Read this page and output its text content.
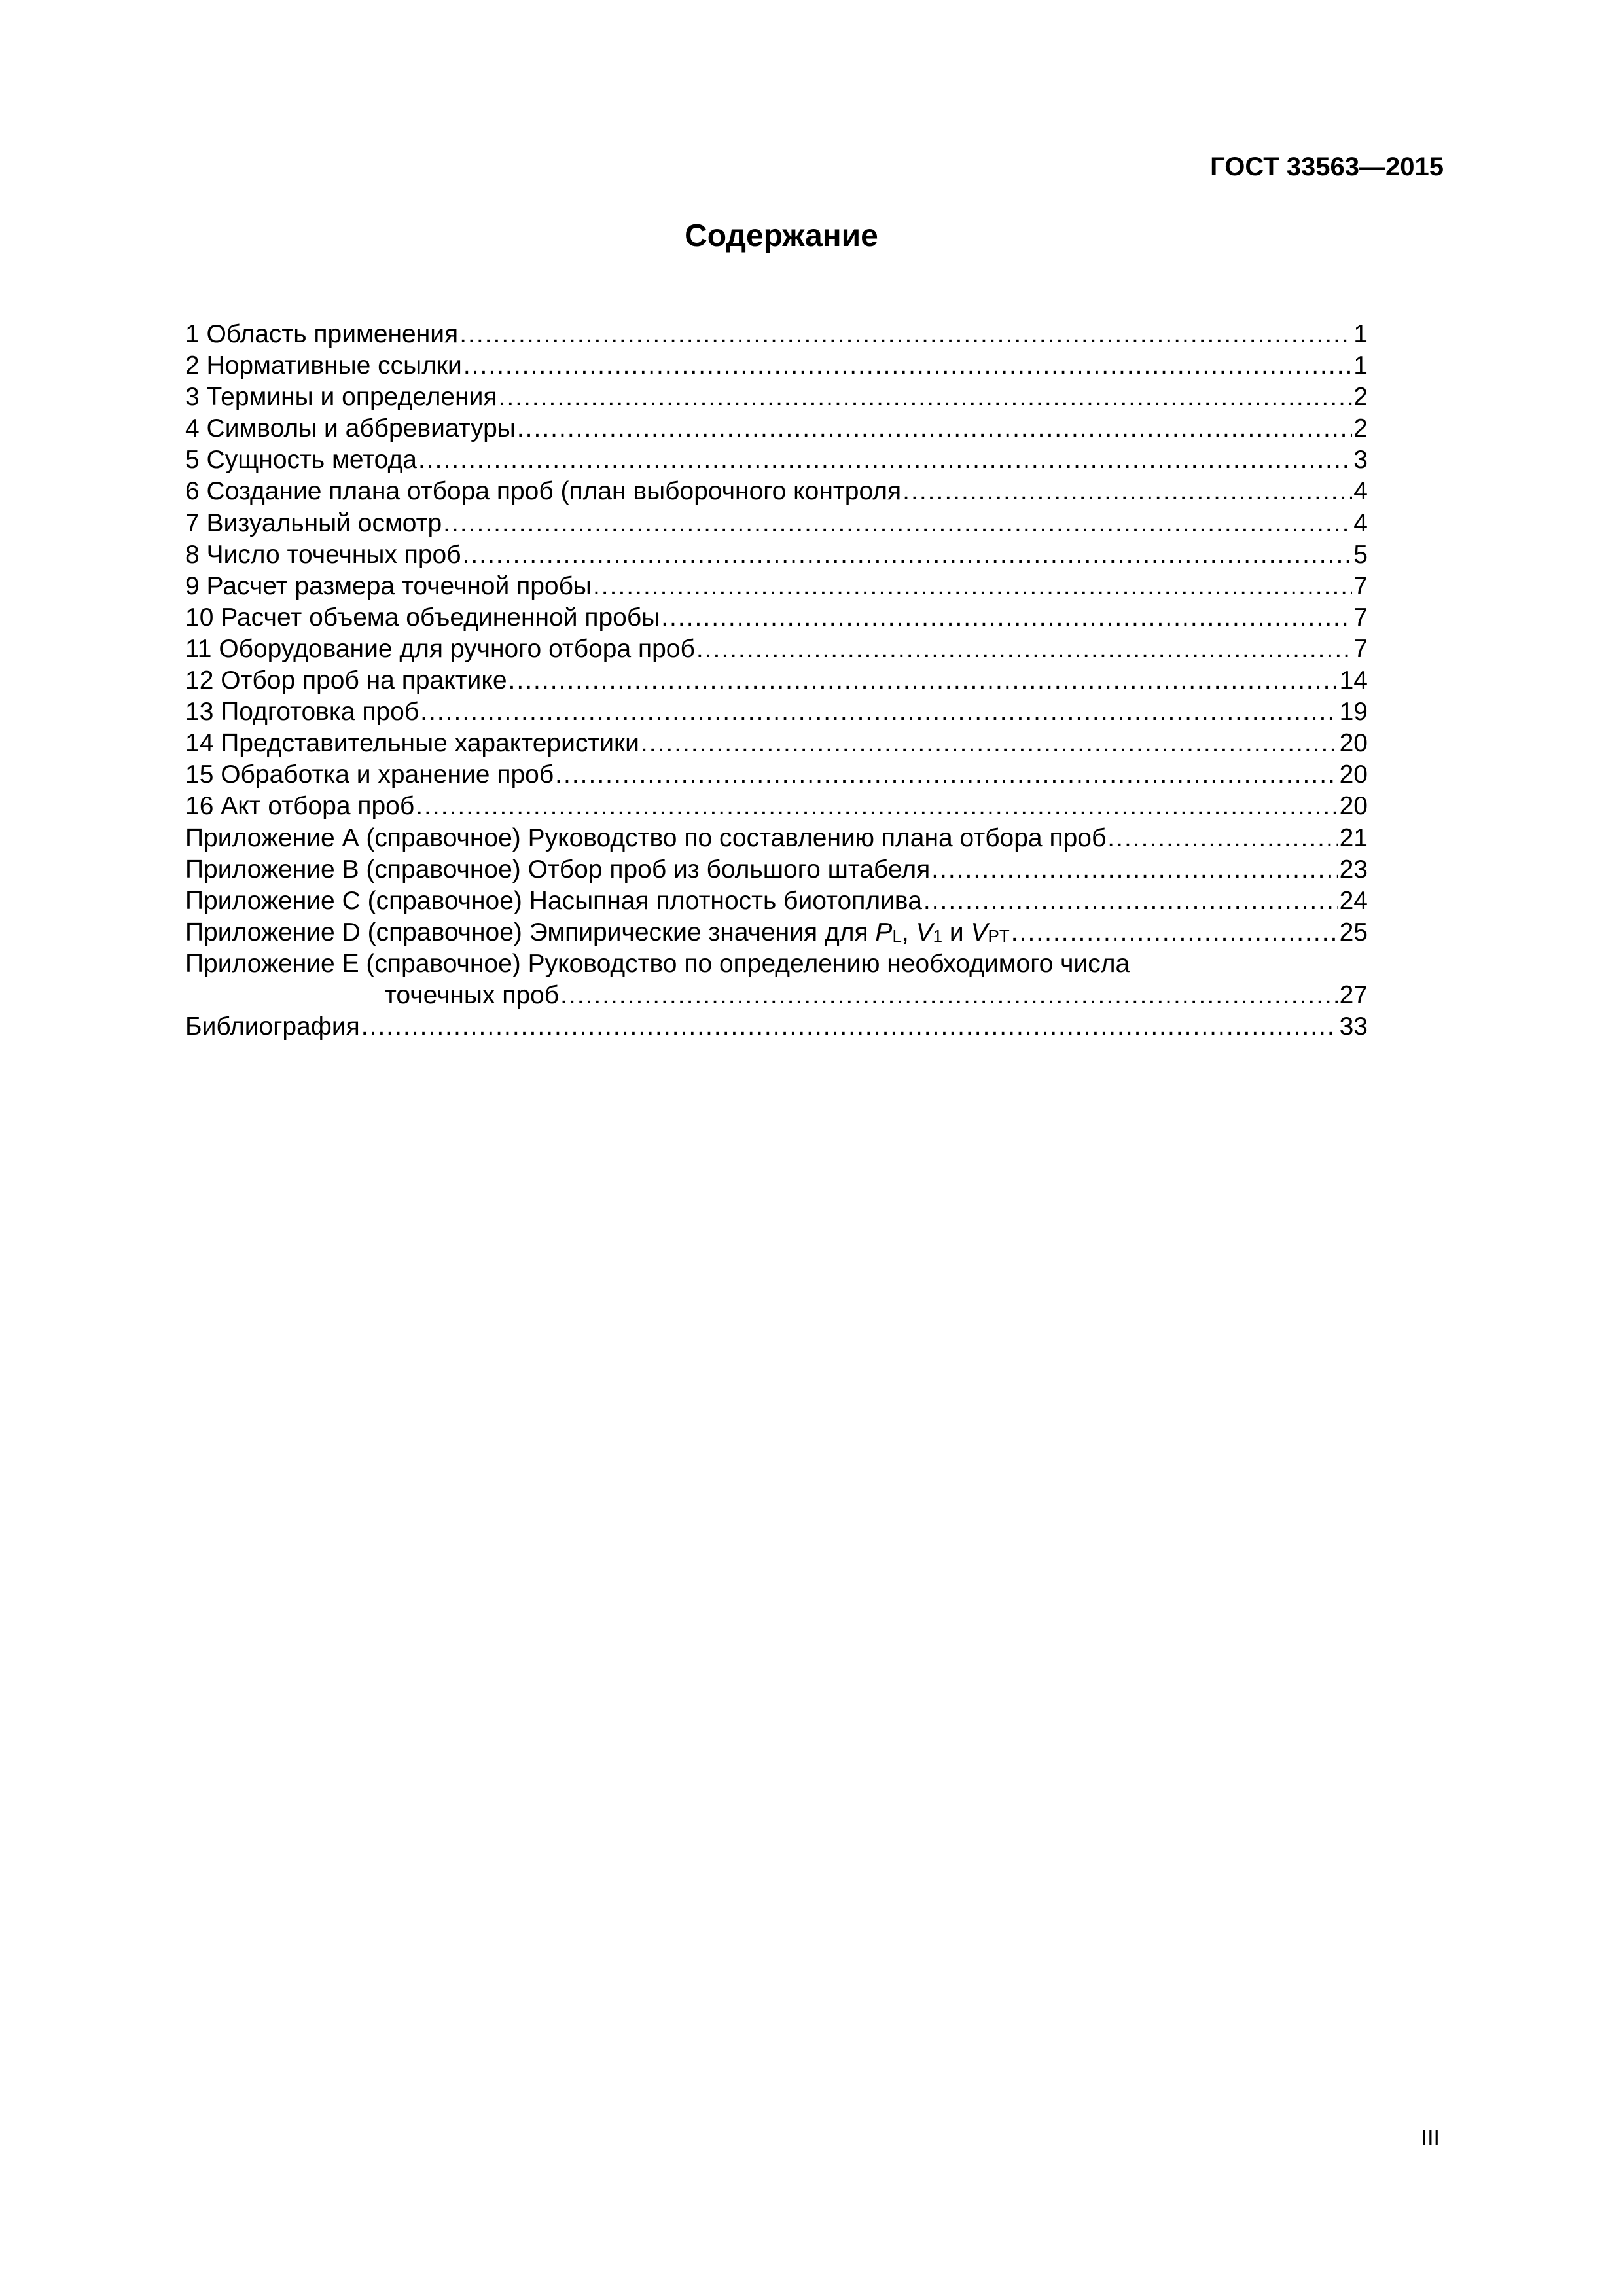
ГОСТ 33563—2015
Содержание
1 Область применения .....	1
2 Нормативные ссылки .....	1
3 Термины и определения .....	2
4 Символы и аббревиатуры .....	2
5 Сущность метода .....	3
6 Создание плана отбора проб (план выборочного контроля .....	4
7 Визуальный осмотр .....	4
8 Число точечных проб .....	5
9 Расчет размера точечной пробы .....	7
10 Расчет объема объединенной пробы .....	7
11 Оборудование для ручного отбора проб .....	7
12 Отбор проб на практике .....	14
13 Подготовка проб .....	19
14 Представительные характеристики .....	20
15 Обработка и хранение проб .....	20
16 Акт отбора проб .....	20
Приложение А (справочное) Руководство по составлению плана отбора проб .....	21
Приложение В (справочное) Отбор проб из большого штабеля .....	23
Приложение С (справочное) Насыпная плотность биотоплива .....	24
Приложение D (справочное) Эмпирические значения для $P_L$, $V_1$ и $V_{PT}$ .....	25
Приложение Е (справочное) Руководство по определению необходимого числа
точечных проб .....	27
Библиография .....	33
III
